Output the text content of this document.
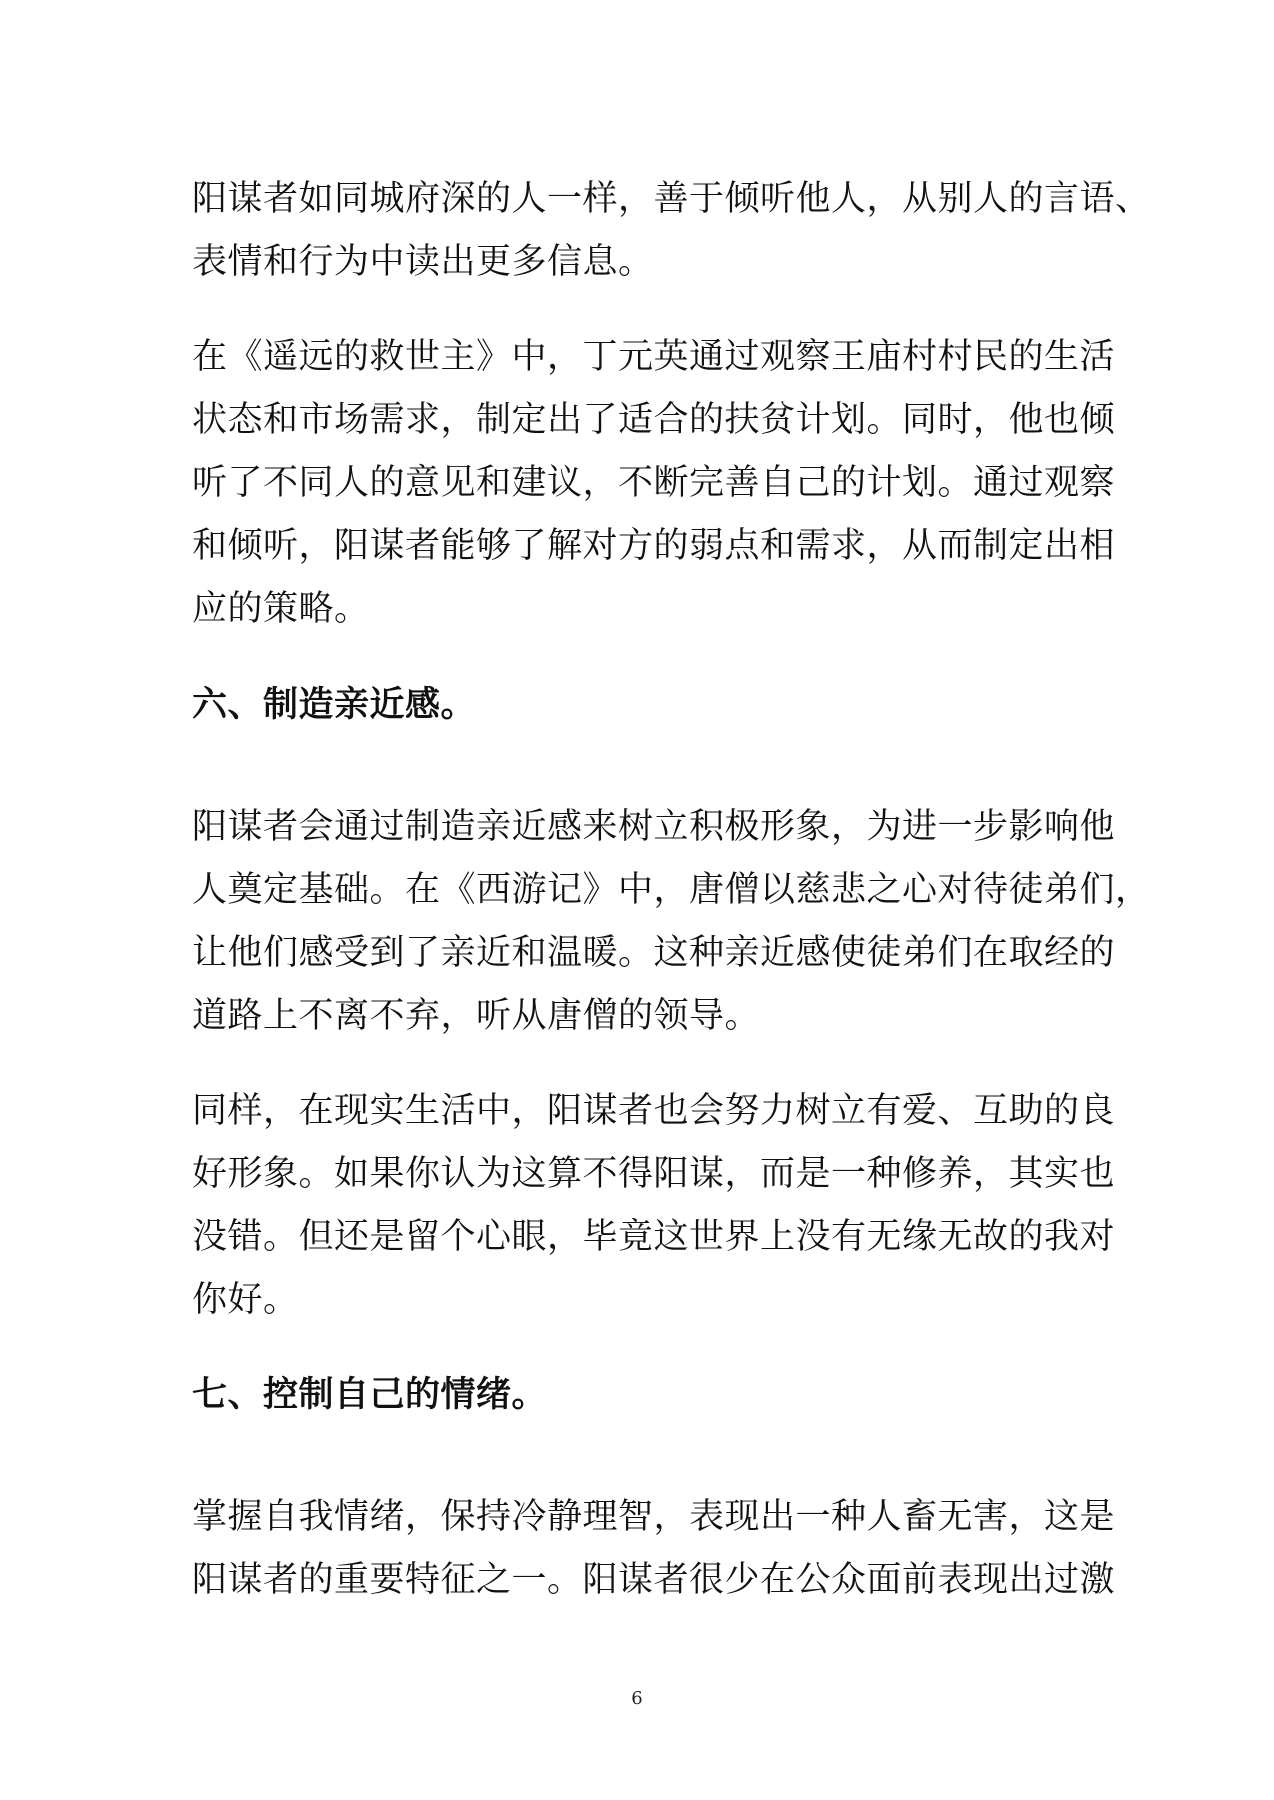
阳谋者如同城府深的人一样，善于倾听他人，从别人的言语、
表情和行为中读出更多信息。
在《遥远的救世主》中，丁元英通过观察王庙村村民的生活
状态和市场需求，制定出了适合的扶贫计划。同时，他也倾
听了不同人的意见和建议，不断完善自己的计划。通过观察
和倾听，阳谋者能够了解对方的弱点和需求，从而制定出相
应的策略。
六、制造亲近感。
阳谋者会通过制造亲近感来树立积极形象，为进一步影响他
人奠定基础。在《西游记》中，唐僧以慈悲之心对待徒弟们，
让他们感受到了亲近和温暖。这种亲近感使徒弟们在取经的
道路上不离不弃，听从唐僧的领导。
同样，在现实生活中，阳谋者也会努力树立有爱、互助的良
好形象。如果你认为这算不得阳谋，而是一种修养，其实也
没错。但还是留个心眼，毕竟这世界上没有无缘无故的我对
你好。
七、控制自己的情绪。
掌握自我情绪，保持冷静理智，表现出一种人畜无害，这是
阳谋者的重要特征之一。阳谋者很少在公众面前表现出过激
6
